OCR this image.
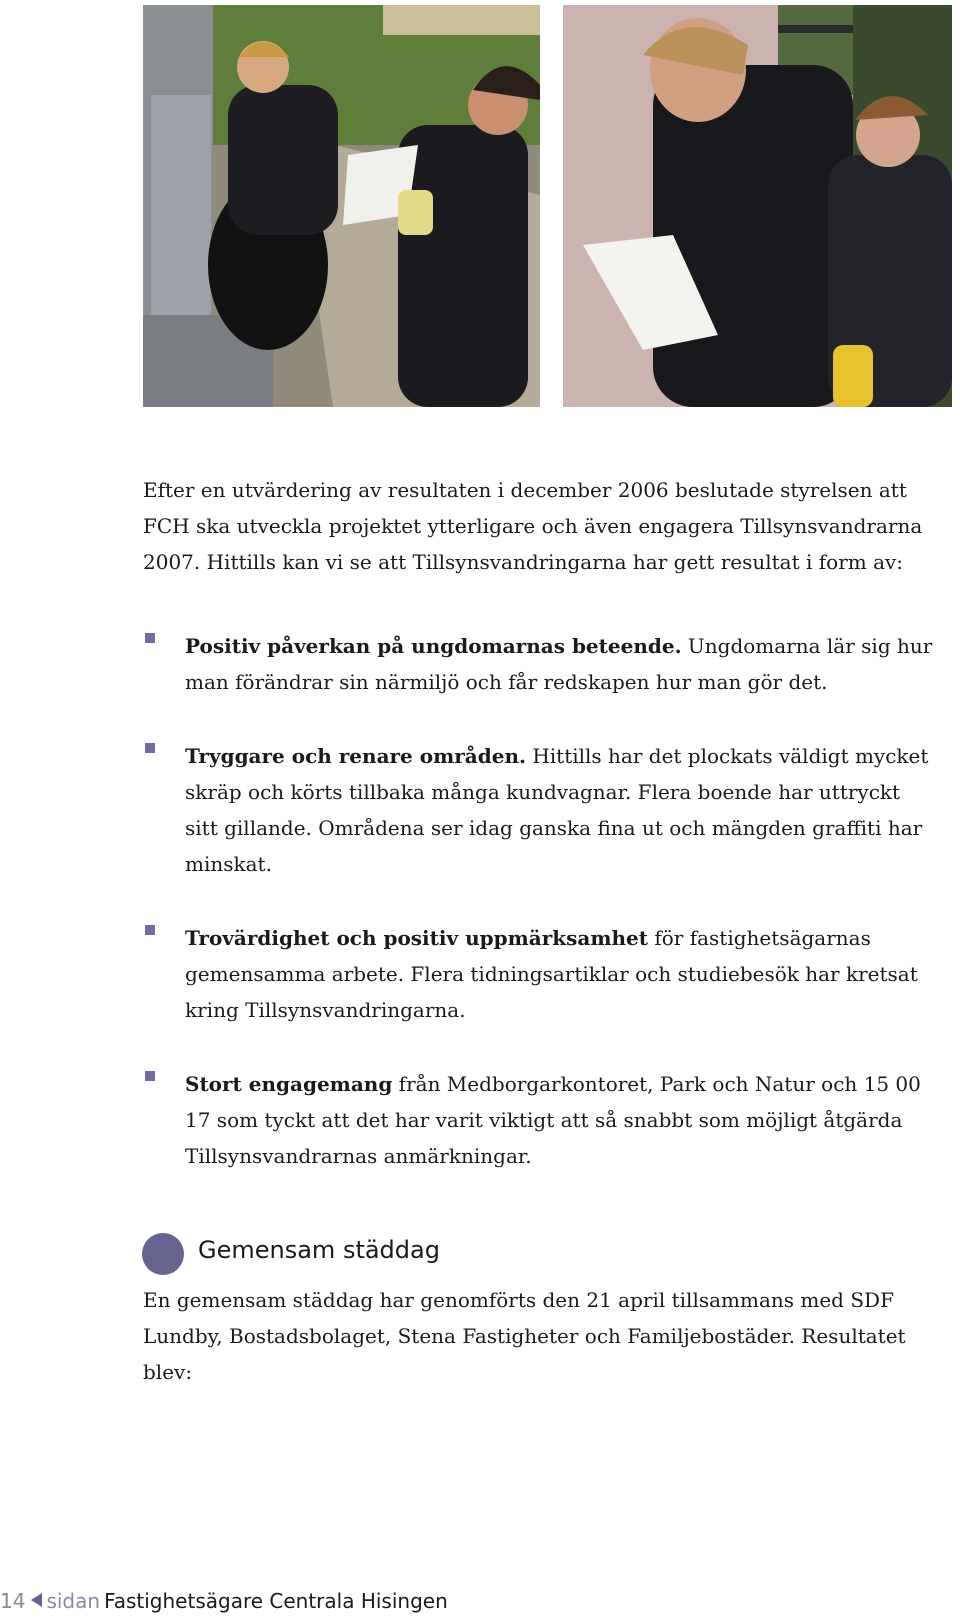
Efter en utvärdering av resultaten i december 2006 beslutade styrelsen att FCH ska utveckla projektet ytterligare och även engagera Tillsynsvandrarna 2007. Hittills kan vi se att Tillsynsvandringarna har gett resultat i form av:

Positiv påverkan på ungdomarnas beteende. Ungdomarna lär sig hur man förändrar sin närmiljö och får redskapen hur man gör det.
Tryggare och renare områden. Hittills har det plockats väldigt mycket skräp och körts tillbaka många kundvagnar. Flera boende har uttryckt sitt gillande. Områdena ser idag ganska fina ut och mängden graffiti har minskat.
Trovärdighet och positiv uppmärksamhet för fastighetsägarnas gemensamma arbete. Flera tidningsartiklar och studiebesök har kretsat kring Tillsynsvandringarna.
Stort engagemang från Medborgarkontoret, Park och Natur och 15 00 17 som tyckt att det har varit viktigt att så snabbt som möjligt åtgärda Tillsynsvandrarnas anmärkningar.
Gemensam städdag

En gemensam städdag har genomförts den 21 april tillsammans med SDF Lundby, Bostadsbolaget, Stena Fastigheter och Familjebostäder. Resultatet blev:

14 sidan Fastighetsägare Centrala Hisingen
